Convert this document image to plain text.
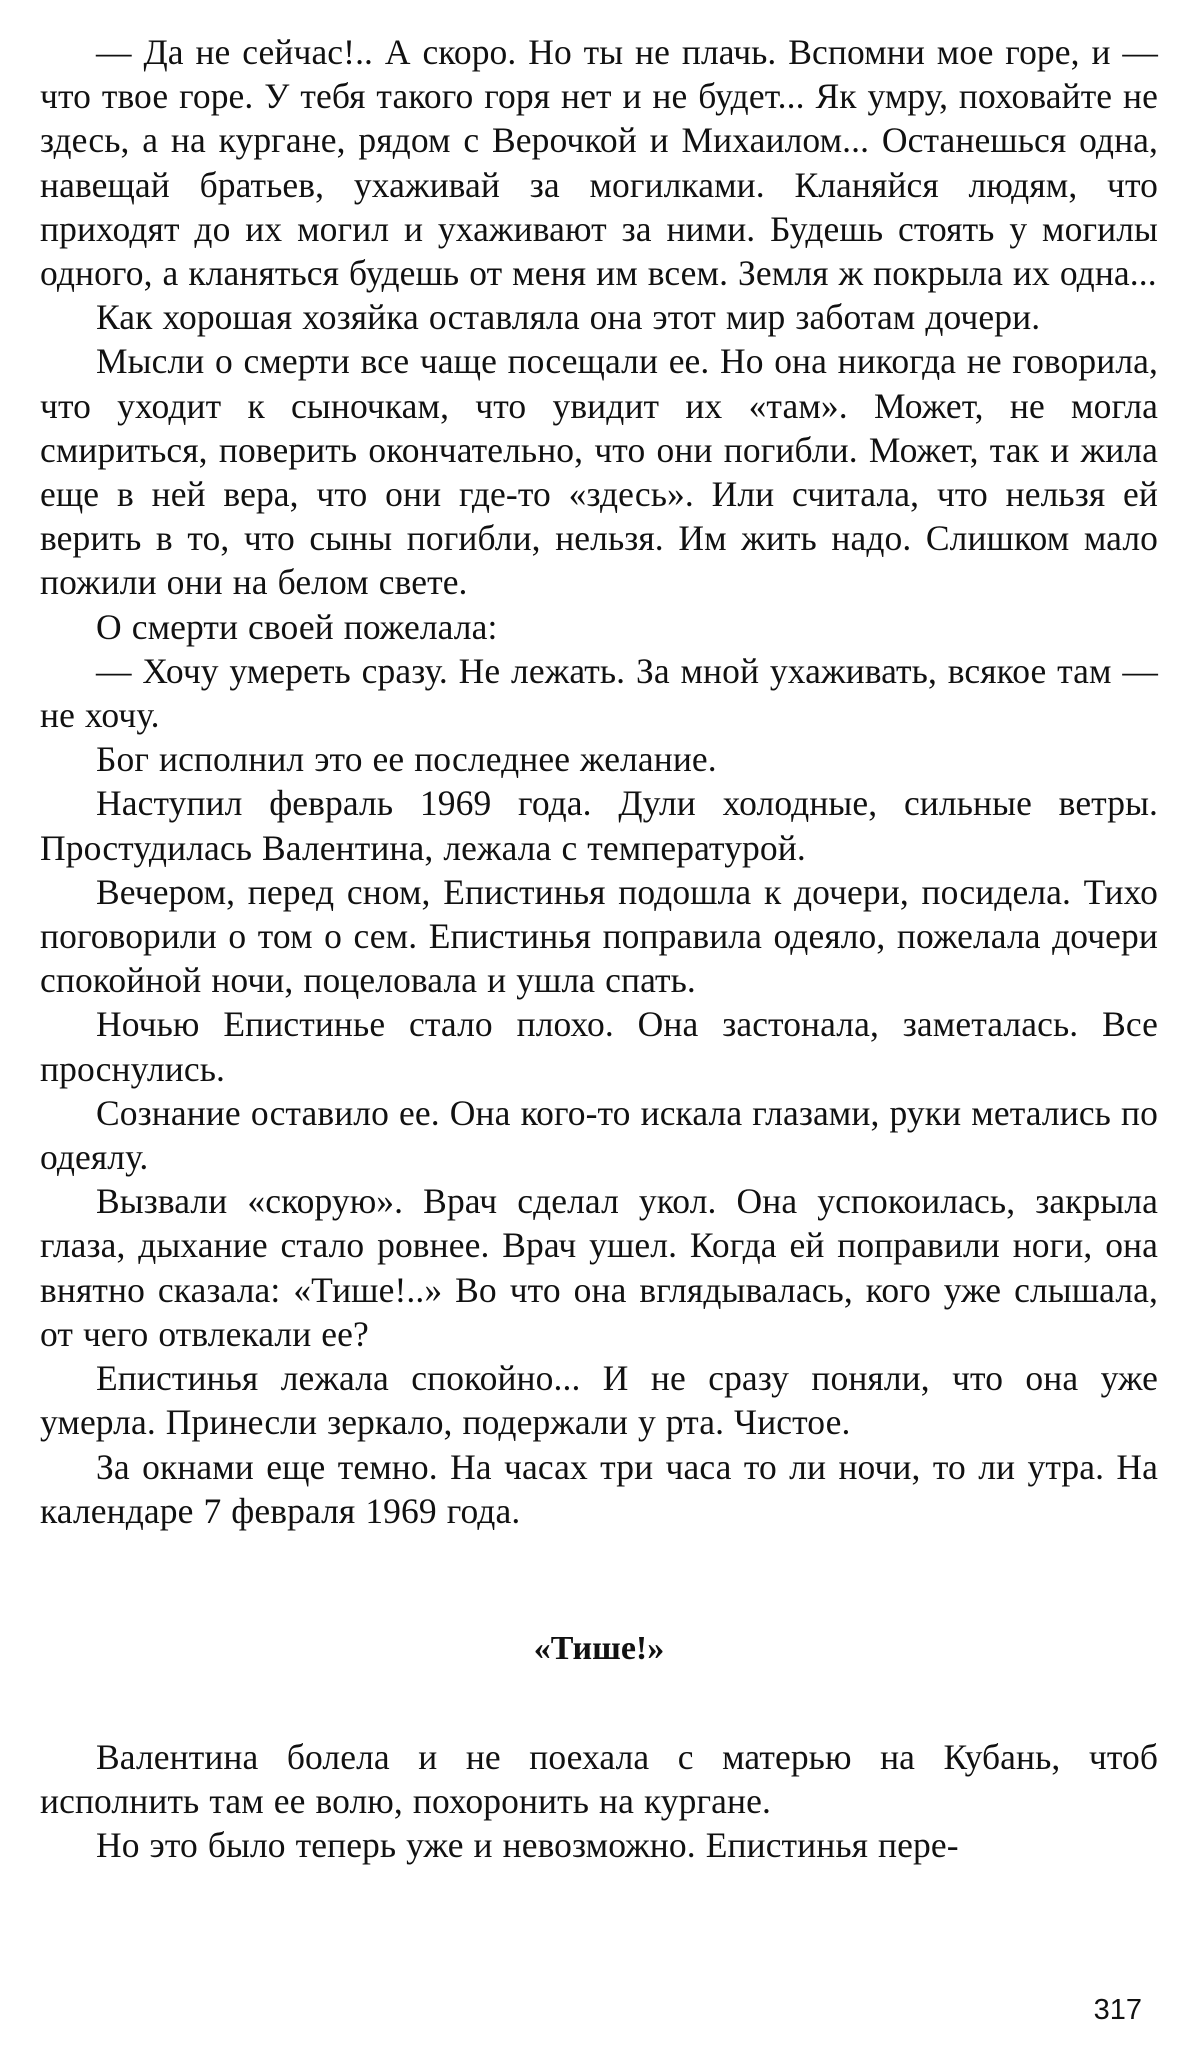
— Да не сейчас!.. А скоро. Но ты не плачь. Вспомни мое горе, и — что твое горе. У тебя такого горя нет и не будет... Як умру, поховайте не здесь, а на кургане, рядом с Верочкой и Михаилом... Останешься одна, навещай братьев, ухаживай за могилками. Кланяйся людям, что приходят до их могил и ухаживают за ними. Будешь стоять у могилы одного, а кланяться будешь от меня им всем. Земля ж покрыла их одна...

Как хорошая хозяйка оставляла она этот мир заботам дочери.

Мысли о смерти все чаще посещали ее. Но она никогда не говорила, что уходит к сыночкам, что увидит их «там». Может, не могла смириться, поверить окончательно, что они погибли. Может, так и жила еще в ней вера, что они где-то «здесь». Или считала, что нельзя ей верить в то, что сыны погибли, нельзя. Им жить надо. Слишком мало пожили они на белом свете.

О смерти своей пожелала:

— Хочу умереть сразу. Не лежать. За мной ухаживать, всякое там — не хочу.

Бог исполнил это ее последнее желание.

Наступил февраль 1969 года. Дули холодные, сильные ветры. Простудилась Валентина, лежала с температурой.

Вечером, перед сном, Епистинья подошла к дочери, посидела. Тихо поговорили о том о сем. Епистинья поправила одеяло, пожелала дочери спокойной ночи, поцеловала и ушла спать.

Ночью Епистинье стало плохо. Она застонала, заметалась. Все проснулись.

Сознание оставило ее. Она кого-то искала глазами, руки метались по одеялу.

Вызвали «скорую». Врач сделал укол. Она успокоилась, закрыла глаза, дыхание стало ровнее. Врач ушел. Когда ей поправили ноги, она внятно сказала: «Тише!..» Во что она вглядывалась, кого уже слышала, от чего отвлекали ее?

Епистинья лежала спокойно... И не сразу поняли, что она уже умерла. Принесли зеркало, подержали у рта. Чистое.

За окнами еще темно. На часах три часа то ли ночи, то ли утра. На календаре 7 февраля 1969 года.

«Тише!»

Валентина болела и не поехала с матерью на Кубань, чтоб исполнить там ее волю, похоронить на кургане.

Но это было теперь уже и невозможно. Епистинья пере-

317
